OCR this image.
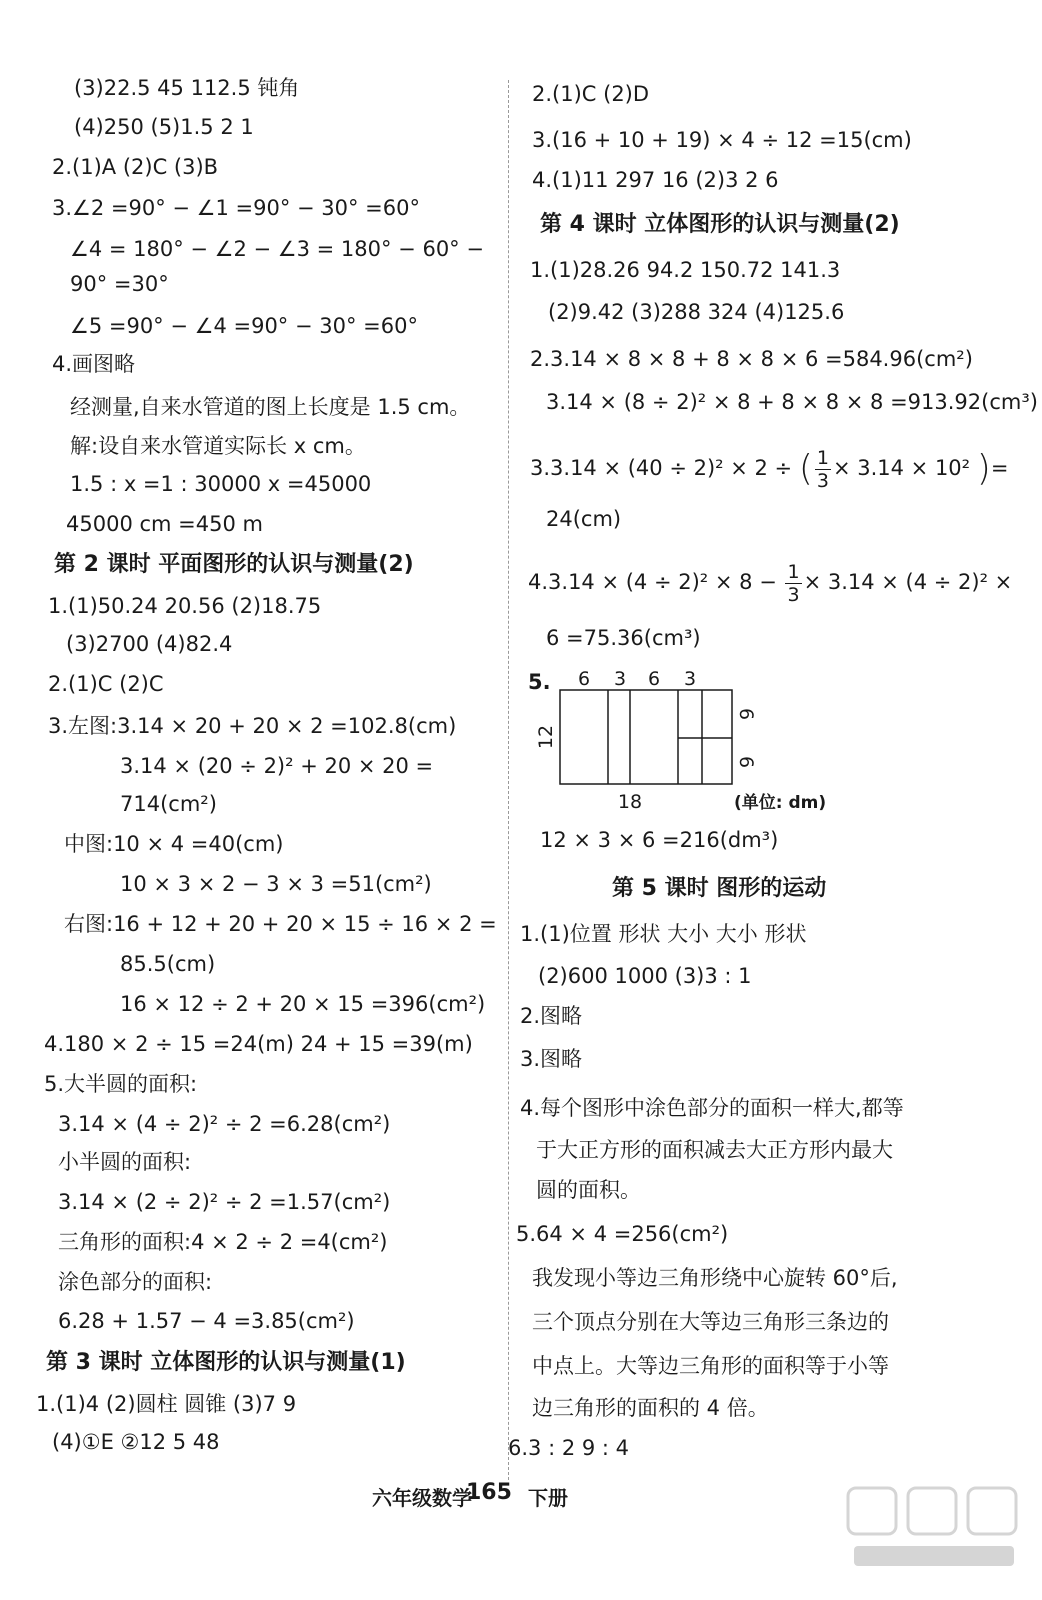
(3)22.5 45 112.5 钝角
(4)250 (5)1.5 2 1
2.(1)A (2)C (3)B
3.∠2 =90° − ∠1 =90° − 30° =60°
∠4 = 180° − ∠2 − ∠3 = 180° − 60° −
90° =30°
∠5 =90° − ∠4 =90° − 30° =60°
4.画图略
经测量,自来水管道的图上长度是 1.5 cm。
解:设自来水管道实际长 x cm。
1.5 : x =1 : 30000 x =45000
45000 cm =450 m
第 2 课时 平面图形的认识与测量(2)
1.(1)50.24 20.56 (2)18.75
(3)2700 (4)82.4
2.(1)C (2)C
3.左图:3.14 × 20 + 20 × 2 =102.8(cm)
3.14 × (20 ÷ 2)² + 20 × 20 =
714(cm²)
中图:10 × 4 =40(cm)
10 × 3 × 2 − 3 × 3 =51(cm²)
右图:16 + 12 + 20 + 20 × 15 ÷ 16 × 2 =
85.5(cm)
16 × 12 ÷ 2 + 20 × 15 =396(cm²)
4.180 × 2 ÷ 15 =24(m) 24 + 15 =39(m)
5.大半圆的面积:
3.14 × (4 ÷ 2)² ÷ 2 =6.28(cm²)
小半圆的面积:
3.14 × (2 ÷ 2)² ÷ 2 =1.57(cm²)
三角形的面积:4 × 2 ÷ 2 =4(cm²)
涂色部分的面积:
6.28 + 1.57 − 4 =3.85(cm²)
第 3 课时 立体图形的认识与测量(1)
1.(1)4 (2)圆柱 圆锥 (3)7 9
(4)①E ②12 5 48
2.(1)C (2)D
3.(16 + 10 + 19) × 4 ÷ 12 =15(cm)
4.(1)11 297 16 (2)3 2 6
第 4 课时 立体图形的认识与测量(2)
1.(1)28.26 94.2 150.72 141.3
(2)9.42 (3)288 324 (4)125.6
2.3.14 × 8 × 8 + 8 × 8 × 6 =584.96(cm²)
3.14 × (8 ÷ 2)² × 8 + 8 × 8 × 8 =913.92(cm³)
3.3.14 × (40 ÷ 2)² × 2 ÷ ( $\frac{1}{3} \times 3.14 \times 10^2$ )=
24(cm)
$4.3.14 \times (4 \div 2)^2 \times 8 - \frac{1}{3} \times 3.14 \times (4 \div 2)^2$ ×
6 =75.36(cm³)
5. 6 3 6 3
12
6
6
18	(单位: dm)
12 × 3 × 6 =216(dm³)
第 5 课时 图形的运动
1.(1)位置 形状 大小 大小 形状
(2)600 1000 (3)3 : 1
2.图略
3.图略
4.每个图形中涂色部分的面积一样大,都等
于大正方形的面积减去大正方形内最大
圆的面积。
5.64 × 4 =256(cm²)
我发现小等边三角形绕中心旋转 60°后,
三个顶点分别在大等边三角形三条边的
中点上。大等边三角形的面积等于小等
边三角形的面积的 4 倍。
6.3 : 2 9 : 4
六年级数学
165 下册
